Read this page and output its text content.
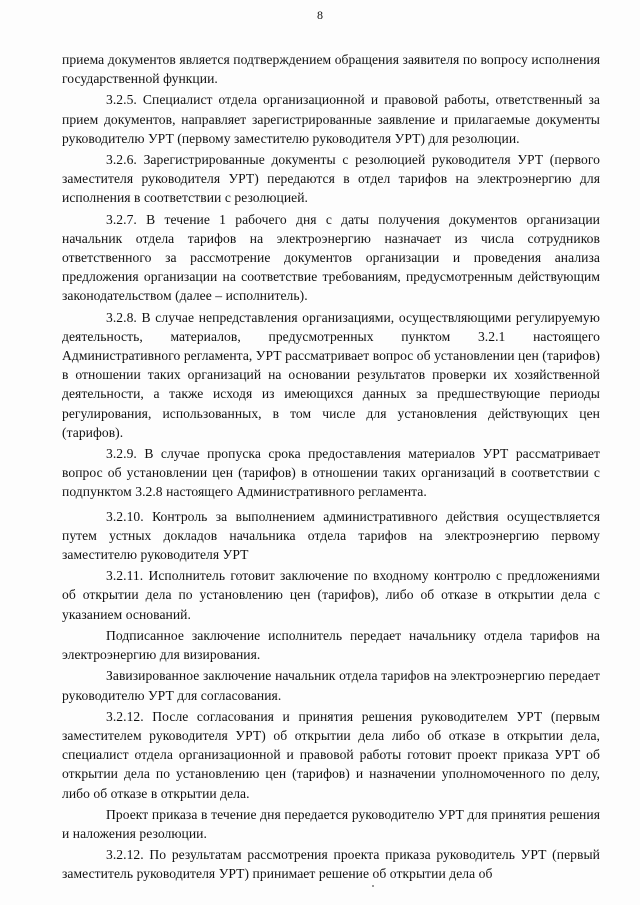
8

приема документов является подтверждением обращения заявителя по вопросу исполнения государственной функции.

3.2.5. Специалист отдела организационной и правовой работы, ответственный за прием документов, направляет зарегистрированные заявление и прилагаемые документы руководителю УРТ (первому заместителю руководителя УРТ) для резолюции.

3.2.6. Зарегистрированные документы с резолюцией руководителя УРТ (первого заместителя руководителя УРТ) передаются в отдел тарифов на электроэнергию для исполнения в соответствии с резолюцией.

3.2.7. В течение 1 рабочего дня с даты получения документов организации начальник отдела тарифов на электроэнергию назначает из числа сотрудников ответственного за рассмотрение документов организации и проведения анализа предложения организации на соответствие требованиям, предусмотренным действующим законодательством (далее – исполнитель).

3.2.8. В случае непредставления организациями, осуществляющими регулируемую деятельность, материалов, предусмотренных пунктом 3.2.1 настоящего Административного регламента, УРТ рассматривает вопрос об установлении цен (тарифов) в отношении таких организаций на основании результатов проверки их хозяйственной деятельности, а также исходя из имеющихся данных за предшествующие периоды регулирования, использованных, в том числе для установления действующих цен (тарифов).

3.2.9. В случае пропуска срока предоставления материалов УРТ рассматривает вопрос об установлении цен (тарифов) в отношении таких организаций в соответствии с подпунктом 3.2.8 настоящего Административного регламента.

3.2.10. Контроль за выполнением административного действия осуществляется путем устных докладов начальника отдела тарифов на электроэнергию первому заместителю руководителя УРТ

3.2.11. Исполнитель готовит заключение по входному контролю с предложениями об открытии дела по установлению цен (тарифов), либо об отказе в открытии дела с указанием оснований.

Подписанное заключение исполнитель передает начальнику отдела тарифов на электроэнергию для визирования.

Завизированное заключение начальник отдела тарифов на электроэнергию передает руководителю УРТ для согласования.

3.2.12. После согласования и принятия решения руководителем УРТ (первым заместителем руководителя УРТ) об открытии дела либо об отказе в открытии дела, специалист отдела организационной и правовой работы готовит проект приказа УРТ об открытии дела по установлению цен (тарифов) и назначении уполномоченного по делу, либо об отказе в открытии дела.

Проект приказа в течение дня передается руководителю УРТ для принятия решения и наложения резолюции.

3.2.12. По результатам рассмотрения проекта приказа руководитель УРТ (первый заместитель руководителя УРТ) принимает решение об открытии дела об
